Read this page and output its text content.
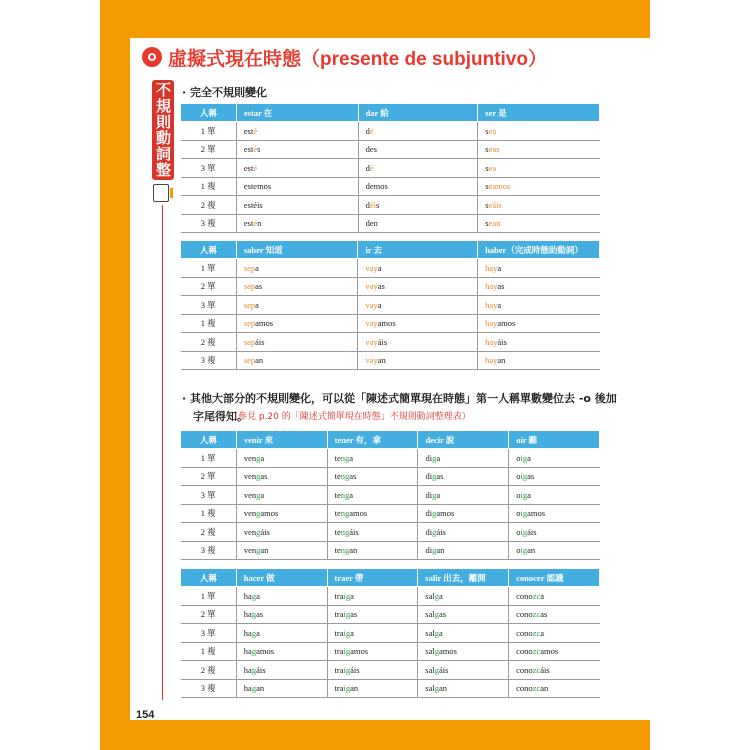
虛擬式現在時態（presente de subjuntivo）
不規則動詞整理
· 完全不規則變化
人稱	estar 在	dar 給	ser 是
1 單	esté	dé	sea
2 單	estés	des	seas
3 單	esté	dé	sea
1 複	estemos	demos	seamos
2 複	estéis	déis	seáis
3 複	estén	den	sean
人稱	saber 知道	ir 去	haber（完成時態助動詞）
1 單	sepa	vaya	haya
2 單	sepas	vayas	hayas
3 單	sepa	vaya	haya
1 複	sepamos	vayamos	hayamos
2 複	sepáis	vayáis	hayáis
3 複	sepan	vayan	hayan
· 其他大部分的不規則變化，可以從「陳述式簡單現在時態」第一人稱單數變位去 -o 後加
字尾得知。
（參見 p.20 的「陳述式簡單現在時態」不規則動詞整理表）
人稱	venir 來	tener 有，拿	decir 說	oír 聽
1 單	venga	tenga	diga	oiga
2 單	vengas	tengas	digas	oigas
3 單	venga	tenga	diga	oiga
1 複	vengamos	tengamos	digamos	oigamos
2 複	vengáis	tengáis	digáis	oigáis
3 複	vengan	tengan	digan	oigan
人稱	hacer 做	traer 帶	salir 出去，離開	conocer 認識
1 單	haga	traiga	salga	conozca
2 單	hagas	traigas	salgas	conozcas
3 單	haga	traiga	salga	conozca
1 複	hagamos	traigamos	salgamos	conozcamos
2 複	hagáis	traigáis	salgáis	conozcáis
3 複	hagan	traigan	salgan	conozcan
154
